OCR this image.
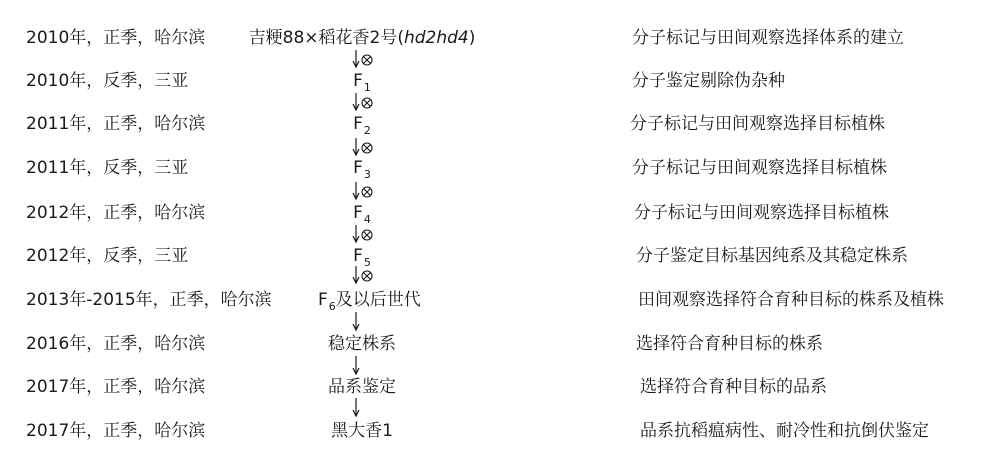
2010年，正季，哈尔滨	吉粳88×稻花香2号(hd2hd4)	分子标记与田间观察选择体系的建立
2010年，反季，三亚	$F_1$	分子鉴定剔除伪杂种
2011年，正季，哈尔滨	$F_2$	分子标记与田间观察选择目标植株
2011年，反季，三亚	$F_3$	分子标记与田间观察选择目标植株
2012年，正季，哈尔滨	$F_4$	分子标记与田间观察选择目标植株
2012年，反季，三亚	$F_5$	分子鉴定目标基因纯系及其稳定株系
2013年-2015年，正季，哈尔滨	$F_6$及以后世代	田间观察选择符合育种目标的株系及植株
2016年，正季，哈尔滨	稳定株系	选择符合育种目标的株系
2017年，正季，哈尔滨	品系鉴定	选择符合育种目标的品系
2017年，正季，哈尔滨	黑大香1	品系抗稻瘟病性、耐冷性和抗倒伏鉴定
